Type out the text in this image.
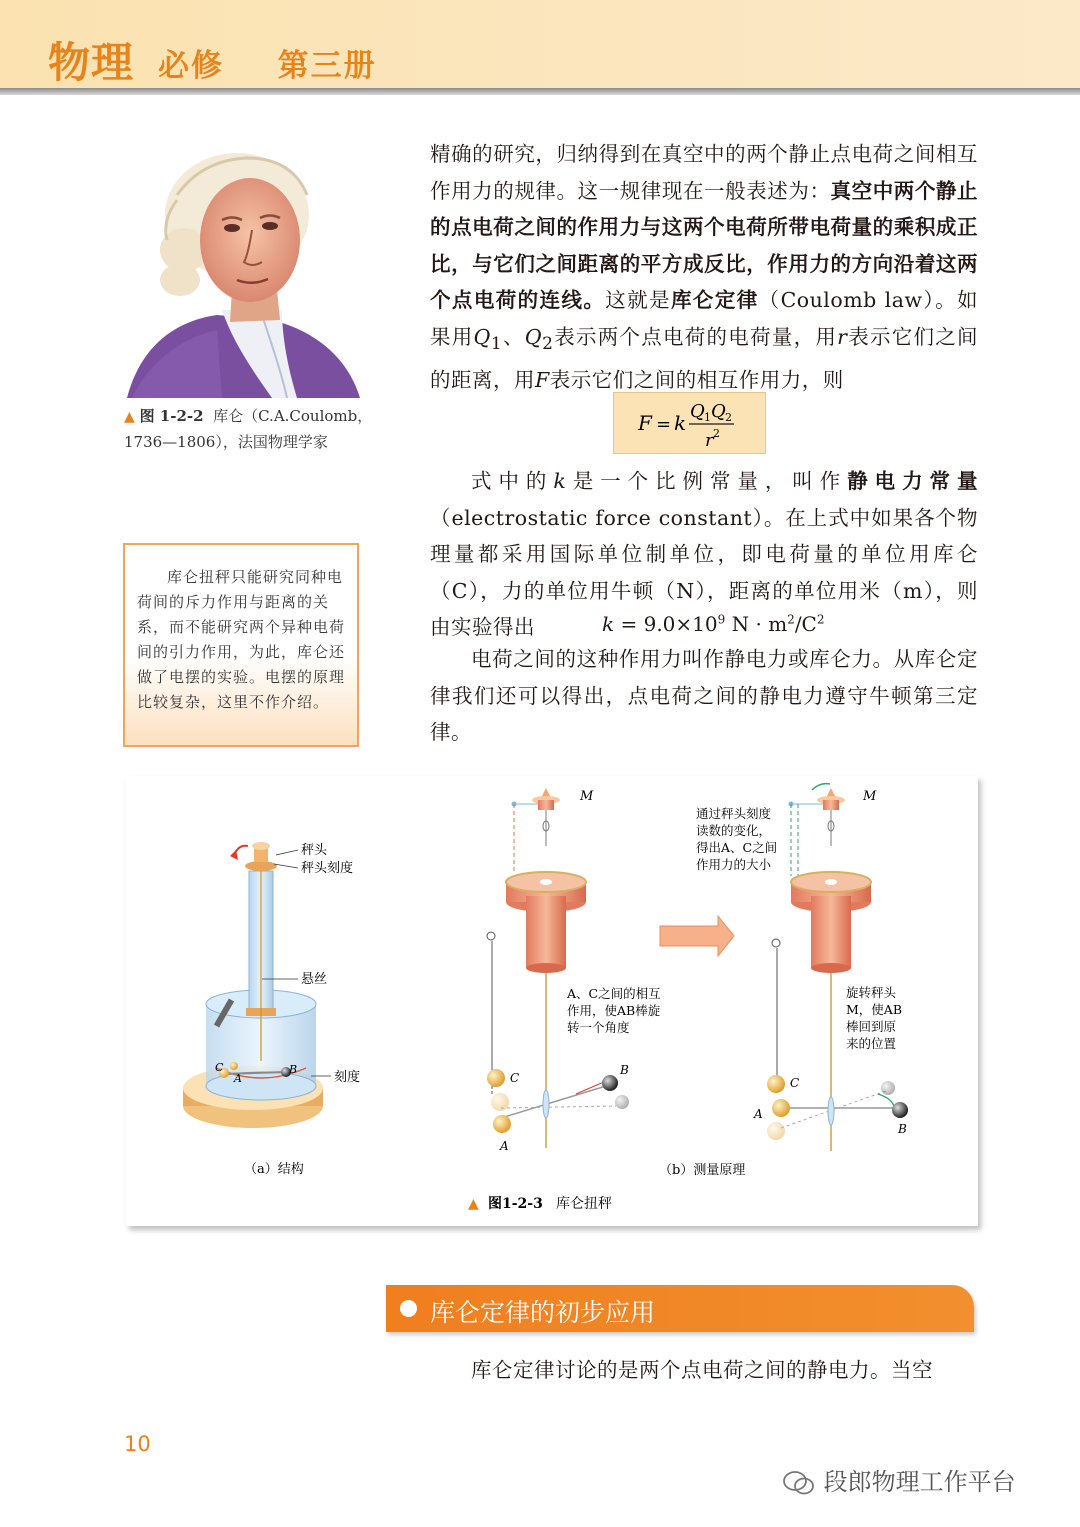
物理 必修  第三册
▲ 图 1-2-2 库仑（C.A.Coulomb，
1736—1806），法国物理学家
库仑扭秤只能研究同种电荷间的斥力作用与距离的关系，而不能研究两个异种电荷间的引力作用，为此，库仑还做了电摆的实验。电摆的原理比较复杂，这里不作介绍。
精确的研究，归纳得到在真空中的两个静止点电荷之间相互作用力的规律。这一规律现在一般表述为：真空中两个静止的点电荷之间的作用力与这两个电荷所带电荷量的乘积成正比，与它们之间距离的平方成反比，作用力的方向沿着这两个点电荷的连线。这就是库仑定律（Coulomb law）。如果用$Q_1$、$Q_2$表示两个点电荷的电荷量，用r表示它们之间的距离，用F表示它们之间的相互作用力，则
F = k Q 1 Q 2
r 2
式中的k是一个比例常量，叫作静电力常量（electrostatic force constant）。在上式中如果各个物理量都采用国际单位制单位，即电荷量的单位用库仑（C），力的单位用牛顿（N），距离的单位用米（m），则由实验得出	$k = 9.0\times 10^9$ $N \cdot m^2/C^2$
电荷之间的这种作用力叫作静电力或库仑力。从库仑定律我们还可以得出，点电荷之间的静电力遵守牛顿第三定律。
C
A
B
秤头
秤头刻度
悬丝
刻度
（a）结构
M
C
A
B
A、C之间的相互
作用，使AB棒旋
转一个角度
M
C
A
B
通过秤头刻度
读数的变化，
得出A、C之间
作用力的大小
旋转秤头
M，使AB
棒回到原
来的位置
（b）测量原理
▲ 图1-2-3 库仑扭秤
库仑定律的初步应用
库仑定律讨论的是两个点电荷之间的静电力。当空
10
段郎物理工作平台
